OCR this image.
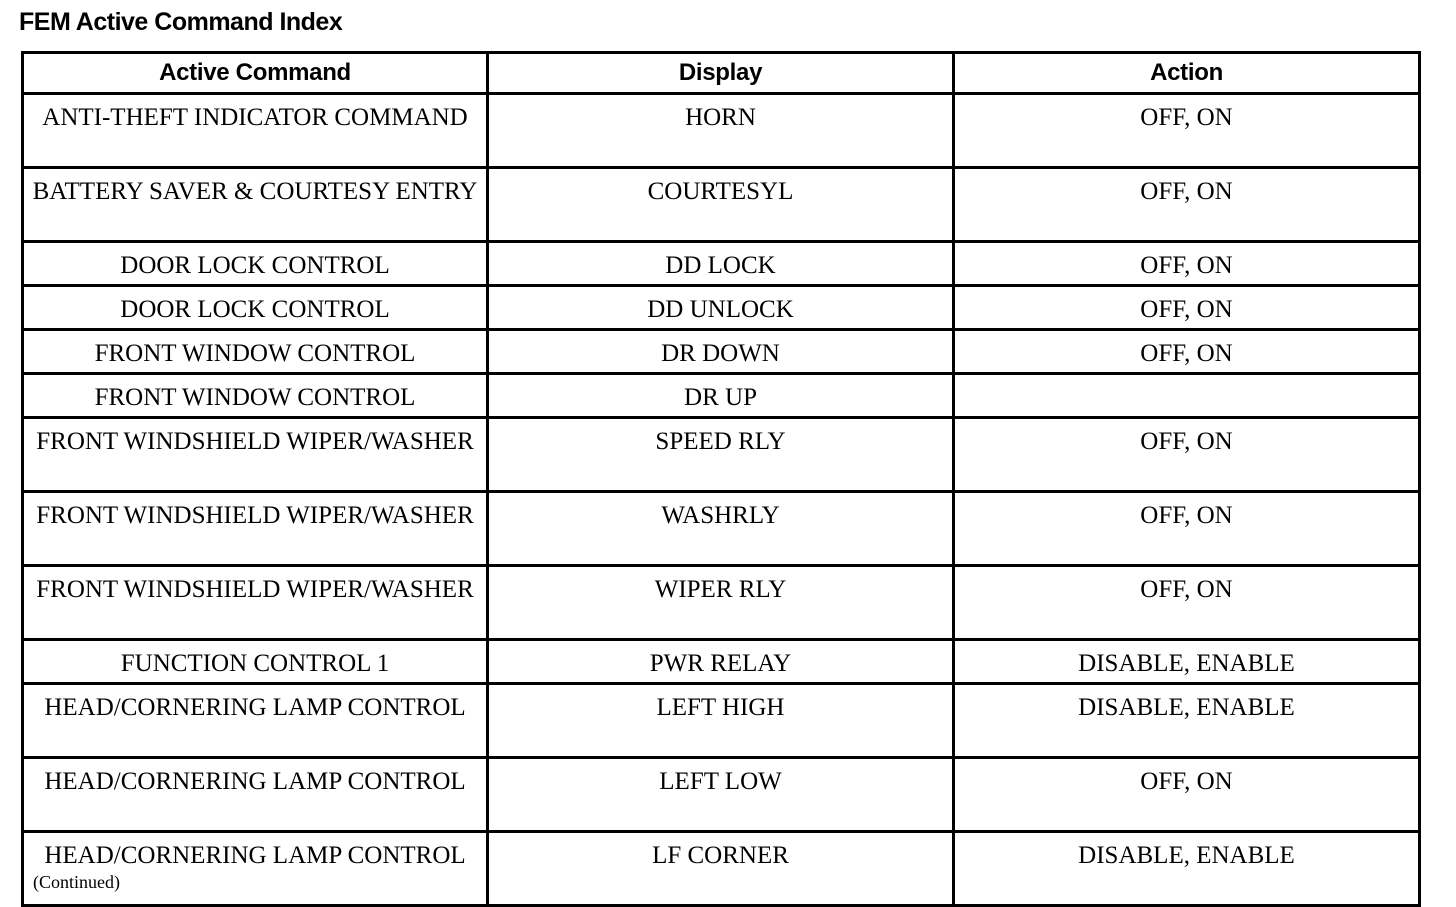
FEM Active Command Index
Active Command	Display	Action
ANTI-THEFT INDICATOR COMMAND	HORN	OFF, ON
BATTERY SAVER & COURTESY ENTRY	COURTESYL	OFF, ON
DOOR LOCK CONTROL	DD LOCK	OFF, ON
DOOR LOCK CONTROL	DD UNLOCK	OFF, ON
FRONT WINDOW CONTROL	DR DOWN	OFF, ON
FRONT WINDOW CONTROL	DR UP	
FRONT WINDSHIELD WIPER/WASHER	SPEED RLY	OFF, ON
FRONT WINDSHIELD WIPER/WASHER	WASHRLY	OFF, ON
FRONT WINDSHIELD WIPER/WASHER	WIPER RLY	OFF, ON
FUNCTION CONTROL 1	PWR RELAY	DISABLE, ENABLE
HEAD/CORNERING LAMP CONTROL	LEFT HIGH	DISABLE, ENABLE
HEAD/CORNERING LAMP CONTROL	LEFT LOW	OFF, ON
HEAD/CORNERING LAMP CONTROL	LF CORNER	DISABLE, ENABLE
(Continued)
